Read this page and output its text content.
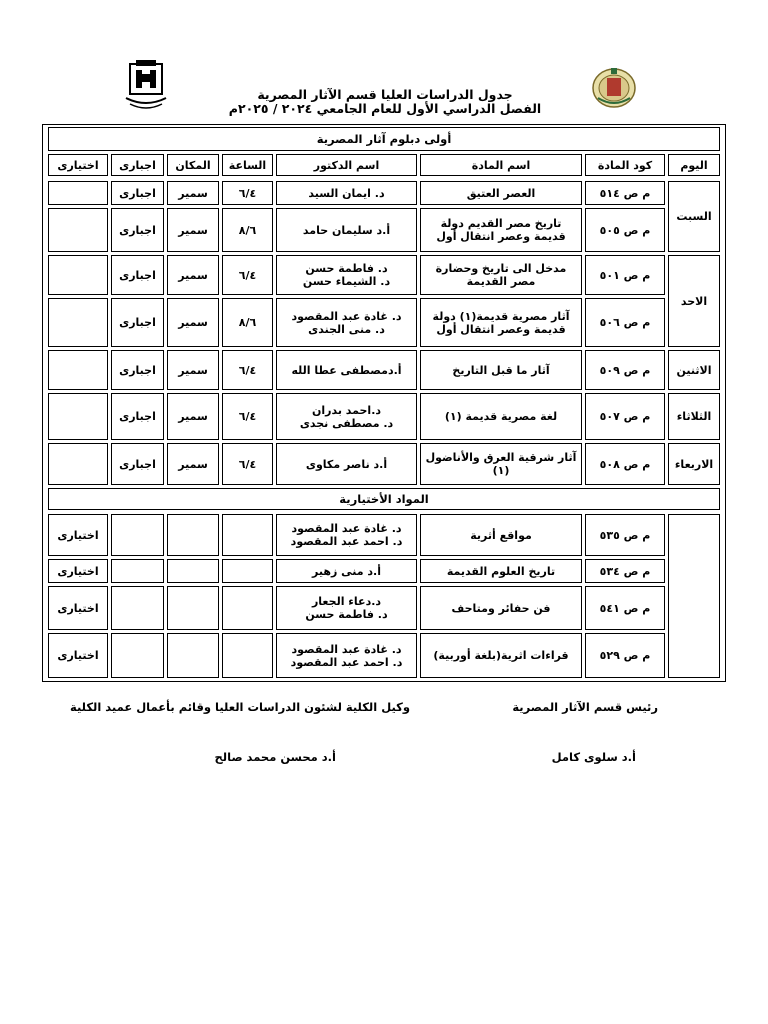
جدول الدراسات العليا قسم الآثار المصرية
الفصل الدراسي الأول للعام الجامعي ٢٠٢٤ / ٢٠٢٥م
أولى دبلوم آثار المصرية
اليوم
كود المادة
اسم المادة
اسم الدكتور
الساعة
المكان
اجبارى
اختيارى
السبت
الاحد
الاثنين
الثلاثاء
الاربعاء
م ص ٥١٤
العصر العتيق
د. ايمان السيد
٦/٤
سمير
اجبارى
م ص ٥٠٥
تاريخ مصر القديم دولة
قديمة وعصر انتقال أول
أ.د سليمان حامد
٨/٦
سمير
اجبارى
م ص ٥٠١
مدخل الى تاريخ وحضارة
مصر القديمة
د. فاطمة حسن
د. الشيماء حسن
٦/٤
سمير
اجبارى
م ص ٥٠٦
آثار مصرية قديمة(١) دولة
قديمة وعصر انتقال أول
د. غادة عبد المقصود
د. منى الجندى
٨/٦
سمير
اجبارى
م ص ٥٠٩
آثار ما قبل التاريخ
أ.دمصطفى عطا الله
٦/٤
سمير
اجبارى
م ص ٥٠٧
لغة مصرية قديمة (١)
د.احمد بدران
د. مصطفى نجدى
٦/٤
سمير
اجبارى
م ص ٥٠٨
آثار شرقية العرق والأناضول
(١)
أ.د ناصر مكاوى
٦/٤
سمير
اجبارى
المواد الأختيارية
م ص ٥٣٥
مواقع أثرية
د. غادة عبد المقصود
د. احمد عبد المقصود
اختيارى
م ص ٥٣٤
تاريخ العلوم القديمة
أ.د منى زهير
اختيارى
م ص ٥٤١
فن حفائر ومتاحف
د.دعاء الجعار
د. فاطمة حسن
اختيارى
م ص ٥٢٩
قراءات اثرية(بلغة أوربية)
د. غادة عبد المقصود
د. احمد عبد المقصود
اختيارى
رئيس قسم الآثار المصرية
أ.د سلوى كامل
وكيل الكلية لشئون الدراسات العليا وقائم بأعمال عميد الكلية
أ.د محسن محمد صالح
